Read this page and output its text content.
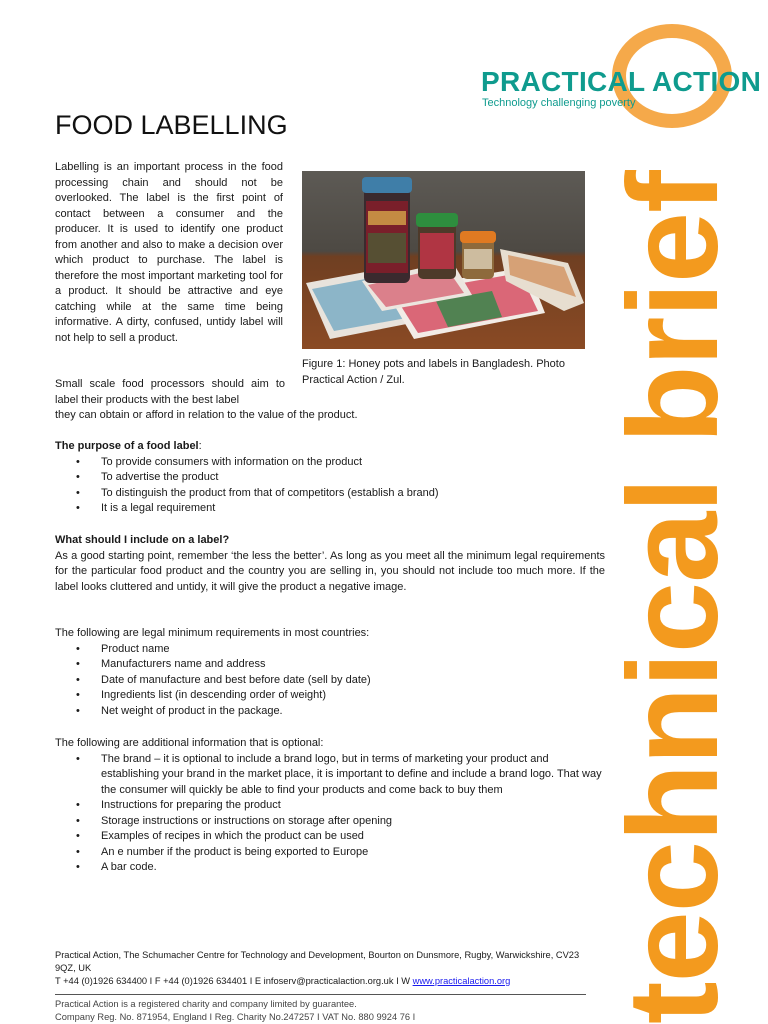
PRACTICAL ACTION
Technology challenging poverty
technical brief
FOOD LABELLING
Labelling is an important process in the food processing chain and should not be overlooked. The label is the first point of contact between a consumer and the producer. It is used to identify one product from another and also to make a decision over which product to purchase. The label is therefore the most important marketing tool for a product. It should be attractive and eye catching while at the same time being informative. A dirty, confused, untidy label will not help to sell a product.
Figure 1: Honey pots and labels in Bangladesh. Photo Practical Action / Zul.
Small scale food processors should aim to label their products with the best label
they can obtain or afford in relation to the value of the product.
The purpose of a food label:
• To provide consumers with information on the product
• To advertise the product
• To distinguish the product from that of competitors (establish a brand)
• It is a legal requirement
What should I include on a label?
As a good starting point, remember ‘the less the better’. As long as you meet all the minimum legal requirements for the particular food product and the country you are selling in, you should not include too much more. If the label looks cluttered and untidy, it will give the product a negative image.
The following are legal minimum requirements in most countries:
• Product name
• Manufacturers name and address
• Date of manufacture and best before date (sell by date)
• Ingredients list (in descending order of weight)
• Net weight of product in the package.
The following are additional information that is optional:
• The brand – it is optional to include a brand logo, but in terms of marketing your product and establishing your brand in the market place, it is important to define and include a brand logo. That way the consumer will quickly be able to find your products and come back to buy them
• Instructions for preparing the product
• Storage instructions or instructions on storage after opening
• Examples of recipes in which the product can be used
• An e number if the product is being exported to Europe
• A bar code.
Practical Action, The Schumacher Centre for Technology and Development, Bourton on Dunsmore, Rugby, Warwickshire, CV23 9QZ, UK
T +44 (0)1926 634400 I F +44 (0)1926 634401 I E infoserv@practicalaction.org.uk I W www.practicalaction.org
Practical Action is a registered charity and company limited by guarantee.
Company Reg. No. 871954, England I Reg. Charity No.247257 I VAT No. 880 9924 76 I
